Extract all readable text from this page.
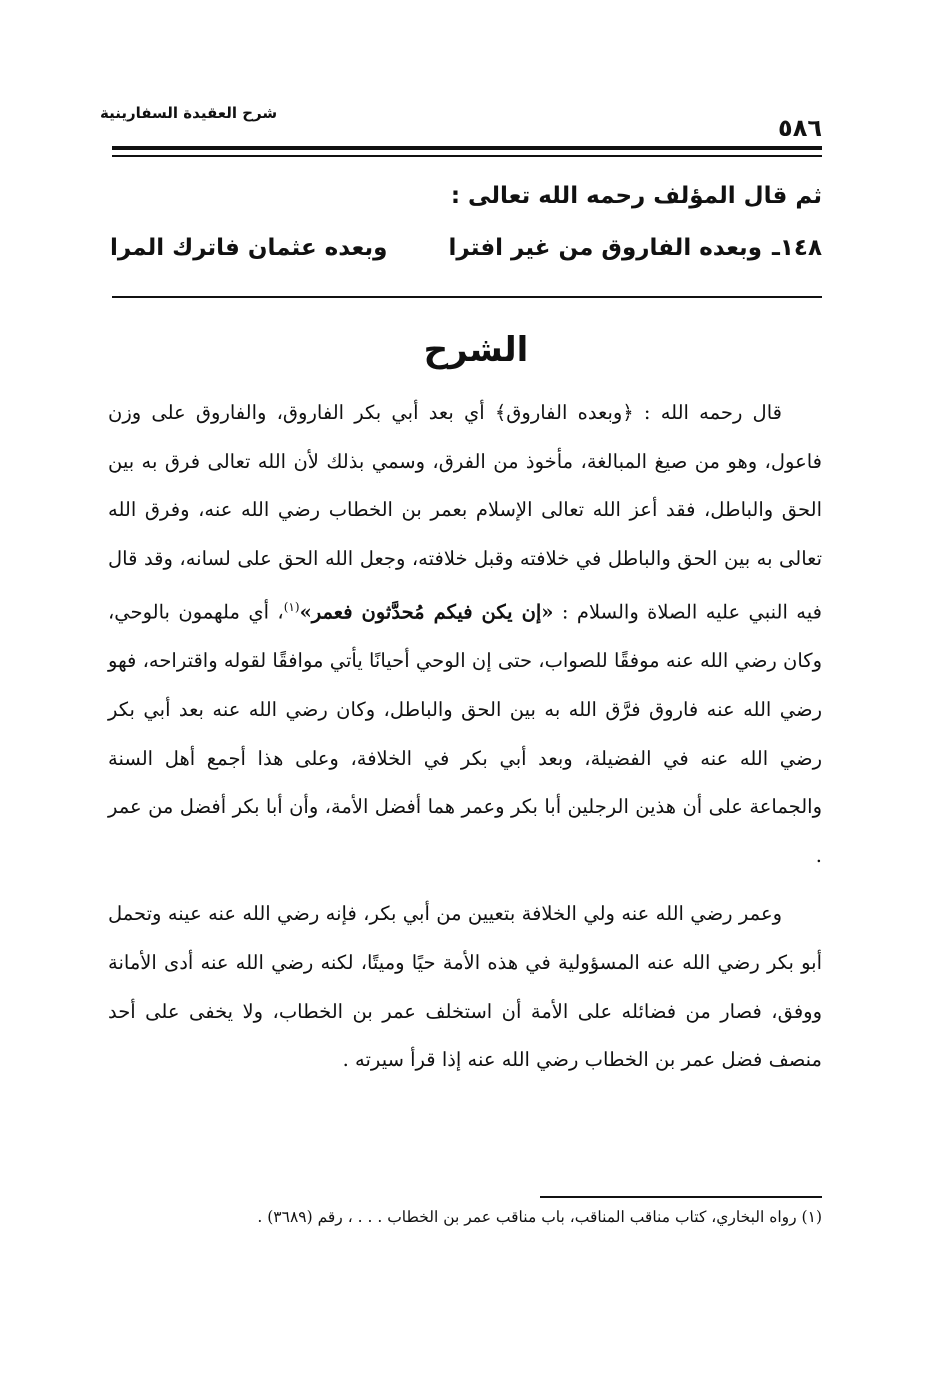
شرح العقيدة السفارينية
٥٨٦
ثم قال المؤلف رحمه الله تعالى :
١٤٨ـ
وبعده الفاروق من غير افترا
وبعده عثمان فاترك المرا
الشرح

قال رحمه الله : ﴿وبعده الفاروق﴾ أي بعد أبي بكر الفاروق، والفاروق على وزن فاعول، وهو من صيغ المبالغة، مأخوذ من الفرق، وسمي بذلك لأن الله تعالى فرق به بين الحق والباطل، فقد أعز الله تعالى الإسلام بعمر بن الخطاب رضي الله عنه، وفرق الله تعالى به بين الحق والباطل في خلافته وقبل خلافته، وجعل الله الحق على لسانه، وقد قال فيه النبي عليه الصلاة والسلام : «إن يكن فيكم مُحدَّثون فعمر»$^{(١)}$، أي ملهمون بالوحي، وكان رضي الله عنه موفقًا للصواب، حتى إن الوحي أحيانًا يأتي موافقًا لقوله واقتراحه، فهو رضي الله عنه فاروق فرَّق الله به بين الحق والباطل، وكان رضي الله عنه بعد أبي بكر رضي الله عنه في الفضيلة، وبعد أبي بكر في الخلافة، وعلى هذا أجمع أهل السنة والجماعة على أن هذين الرجلين أبا بكر وعمر هما أفضل الأمة، وأن أبا بكر أفضل من عمر .

وعمر رضي الله عنه ولي الخلافة بتعيين من أبي بكر، فإنه رضي الله عنه عينه وتحمل أبو بكر رضي الله عنه المسؤولية في هذه الأمة حيًا وميتًا، لكنه رضي الله عنه أدى الأمانة ووفق، فصار من فضائله على الأمة أن استخلف عمر بن الخطاب، ولا يخفى على أحد منصف فضل عمر بن الخطاب رضي الله عنه إذا قرأ سيرته .

(١) رواه البخاري، كتاب مناقب المناقب، باب مناقب عمر بن الخطاب . . . ، رقم (٣٦٨٩) .
